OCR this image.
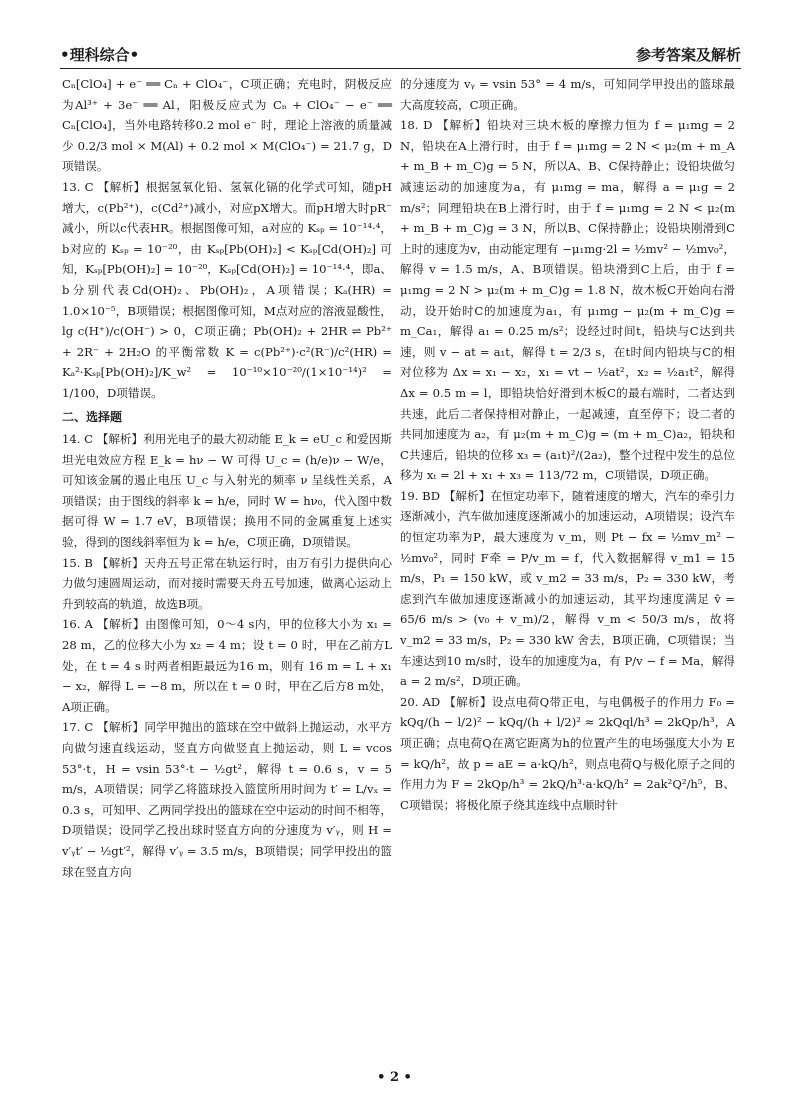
•理科综合•	参考答案及解析

Cₙ[ClO₄] + e⁻ ══ Cₙ + ClO₄⁻，C项正确；充电时，阴极反应为Al³⁺ + 3e⁻ ══ Al，阳极反应式为 Cₙ + ClO₄⁻ − e⁻ ══ Cₙ[ClO₄]，当外电路转移0.2 mol e⁻ 时，理论上溶液的质量减少 0.2/3 mol × M(Al) + 0.2 mol × M(ClO₄⁻) = 21.7 g，D项错误。

13. C 【解析】根据氢氧化铅、氢氧化镉的化学式可知，随pH增大，c(Pb²⁺)，c(Cd²⁺)减小，对应pX增大。而pH增大时pR⁻减小，所以c代表HR。根据图像可知，a对应的 Kₛₚ = 10⁻¹⁴·⁴，b对应的 Kₛₚ = 10⁻²⁰，由 Kₛₚ[Pb(OH)₂] < Kₛₚ[Cd(OH)₂] 可知，Kₛₚ[Pb(OH)₂] = 10⁻²⁰，Kₛₚ[Cd(OH)₂] = 10⁻¹⁴·⁴，即a、b分别代表Cd(OH)₂、Pb(OH)₂，A项错误；Kₐ(HR) = 1.0×10⁻⁵，B项错误；根据图像可知，M点对应的溶液显酸性，lg c(H⁺)/c(OH⁻) > 0，C项正确；Pb(OH)₂ + 2HR ⇌ Pb²⁺ + 2R⁻ + 2H₂O 的平衡常数 K = c(Pb²⁺)·c²(R⁻)/c²(HR) = Kₐ²·Kₛₚ[Pb(OH)₂]/K_w² = 10⁻¹⁰×10⁻²⁰/(1×10⁻¹⁴)² = 1/100，D项错误。

二、选择题

14. C 【解析】利用光电子的最大初动能 E_k = eU_c 和爱因斯坦光电效应方程 E_k = hν − W 可得 U_c = (h/e)ν − W/e，可知该金属的遏止电压 U_c 与入射光的频率 ν 呈线性关系，A项错误；由于图线的斜率 k = h/e，同时 W = hν₀，代入图中数据可得 W = 1.7 eV，B项错误；换用不同的金属重复上述实验，得到的图线斜率恒为 k = h/e，C项正确，D项错误。

15. B 【解析】天舟五号正常在轨运行时，由万有引力提供向心力做匀速圆周运动，而对接时需要天舟五号加速，做离心运动上升到较高的轨道，故选B项。

16. A 【解析】由图像可知，0～4 s内，甲的位移大小为 x₁ = 28 m，乙的位移大小为 x₂ = 4 m；设 t = 0 时，甲在乙前方L处，在 t = 4 s 时两者相距最远为16 m，则有 16 m = L + x₁ − x₂，解得 L = −8 m，所以在 t = 0 时，甲在乙后方8 m处，A项正确。

17. C 【解析】同学甲抛出的篮球在空中做斜上抛运动，水平方向做匀速直线运动，竖直方向做竖直上抛运动，则 L = vcos 53°·t，H = vsin 53°·t − ½gt²，解得 t = 0.6 s，v = 5 m/s，A项错误；同学乙将篮球投入篮筐所用时间为 t′ = L/vₓ = 0.3 s，可知甲、乙两同学投出的篮球在空中运动的时间不相等，D项错误；设同学乙投出球时竖直方向的分速度为 v′ᵧ，则 H = v′ᵧt′ − ½gt′²，解得 v′ᵧ = 3.5 m/s，B项错误；同学甲投出的篮球在竖直方向

的分速度为 vᵧ = vsin 53° = 4 m/s，可知同学甲投出的篮球最大高度较高，C项正确。

18. D 【解析】铅块对三块木板的摩擦力恒为 f = μ₁mg = 2 N，铅块在A上滑行时，由于 f = μ₁mg = 2 N < μ₂(m + m_A + m_B + m_C)g = 5 N，所以A、B、C保持静止；设铅块做匀减速运动的加速度为a，有 μ₁mg = ma，解得 a = μ₁g = 2 m/s²；同理铅块在B上滑行时，由于 f = μ₁mg = 2 N < μ₂(m + m_B + m_C)g = 3 N，所以B、C保持静止；设铅块刚滑到C上时的速度为v，由动能定理有 −μ₁mg·2l = ½mv² − ½mv₀²，解得 v = 1.5 m/s，A、B项错误。铅块滑到C上后，由于 f = μ₁mg = 2 N > μ₂(m + m_C)g = 1.8 N，故木板C开始向右滑动，设开始时C的加速度为a₁，有 μ₁mg − μ₂(m + m_C)g = m_Ca₁，解得 a₁ = 0.25 m/s²；设经过时间t，铅块与C达到共速，则 v − at = a₁t，解得 t = 2/3 s，在t时间内铅块与C的相对位移为 Δx = x₁ − x₂，x₁ = vt − ½at²，x₂ = ½a₁t²，解得 Δx = 0.5 m = l，即铅块恰好滑到木板C的最右端时，二者达到共速，此后二者保持相对静止，一起减速，直至停下；设二者的共同加速度为 a₂，有 μ₂(m + m_C)g = (m + m_C)a₂，铅块和C共速后，铅块的位移 x₃ = (a₁t)²/(2a₂)，整个过程中发生的总位移为 xₜ = 2l + x₁ + x₃ = 113/72 m，C项错误，D项正确。

19. BD 【解析】在恒定功率下，随着速度的增大，汽车的牵引力逐渐减小，汽车做加速度逐渐减小的加速运动，A项错误；设汽车的恒定功率为P，最大速度为 v_m，则 Pt − fx = ½mv_m² − ½mv₀²，同时 F牵 = P/v_m = f，代入数据解得 v_m1 = 15 m/s，P₁ = 150 kW，或 v_m2 = 33 m/s，P₂ = 330 kW，考虑到汽车做加速度逐渐减小的加速运动，其平均速度满足 v̄ = 65/6 m/s > (v₀ + v_m)/2，解得 v_m < 50/3 m/s，故将 v_m2 = 33 m/s，P₂ = 330 kW 舍去，B项正确，C项错误；当车速达到10 m/s时，设车的加速度为a，有 P/v − f = Ma，解得 a = 2 m/s²，D项正确。

20. AD 【解析】设点电荷Q带正电，与电偶极子的作用力 F₀ = kQq/(h − l/2)² − kQq/(h + l/2)² ≈ 2kQql/h³ = 2kQp/h³，A项正确；点电荷Q在离它距离为h的位置产生的电场强度大小为 E = kQ/h²，故 p = aE = a·kQ/h²，则点电荷Q与极化原子之间的作用力为 F = 2kQp/h³ = 2kQ/h³·a·kQ/h² = 2ak²Q²/h⁵，B、C项错误；将极化原子绕其连线中点顺时针

• 2 •
